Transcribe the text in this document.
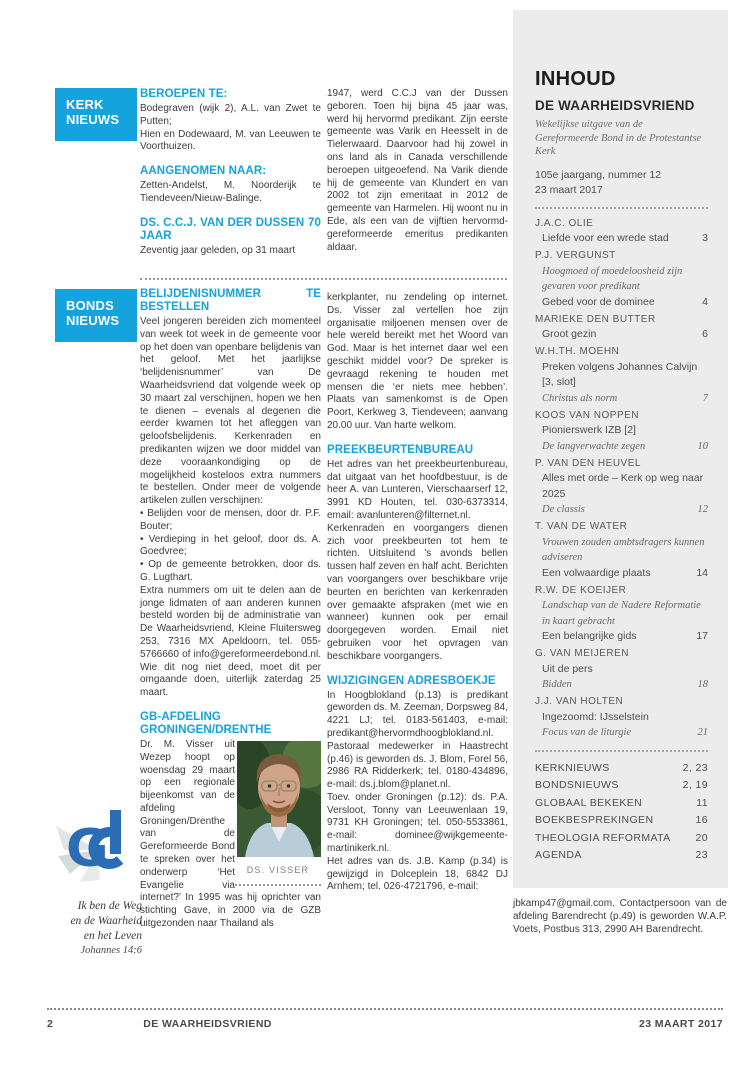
KERK
NIEUWS
BONDS
NIEUWS
BEROEPEN TE:
Bodegraven (wijk 2), A.L. van Zwet te Putten;
Hien en Dodewaard, M. van Leeuwen te Voorthuizen.
AANGENOMEN NAAR:

Zetten-Andelst, M. Noorderijk te Tiendeveen/Nieuw-Balinge.

DS. C.C.J. VAN DER DUSSEN 70 JAAR

Zeventig jaar geleden, op 31 maart

1947, werd C.C.J van der Dussen geboren. Toen hij bijna 45 jaar was, werd hij hervormd predikant. Zijn eerste gemeente was Varik en Heesselt in de Tielerwaard. Daarvoor had hij zowel in ons land als in Canada verschillende beroepen uitgeoefend. Na Varik diende hij de gemeente van Klundert en van 2002 tot zijn emeritaat in 2012 de gemeente van Harmelen. Hij woont nu in Ede, als een van de vijftien hervormd-gereformeerde emeritus predikanten aldaar.

BELIJDENISNUMMER TE BESTELLEN

Veel jongeren bereiden zich momenteel van week tot week in de gemeente voor op het doen van openbare belijdenis van het geloof. Met het jaarlijkse ‘belijdenisnummer’ van De Waarheidsvriend dat volgende week op 30 maart zal verschijnen, hopen we hen te dienen – evenals al degenen die eerder kwamen tot het afleggen van geloofsbelijdenis. Kerkenraden en predikanten wijzen we door middel van deze vooraankondiging op de mogelijkheid kosteloos extra nummers te bestellen. Onder meer de volgende artikelen zullen verschijnen:

• Belijden voor de mensen, door dr. P.F. Bouter;
• Verdieping in het geloof, door ds. A. Goedvree;
• Op de gemeente betrokken, door ds. G. Lugthart.

Extra nummers om uit te delen aan de jonge lidmaten of aan anderen kunnen besteld worden bij de administratie van De Waarheidsvriend, Kleine Fluitersweg 253, 7316 MX Apeldoorn, tel. 055-5766660 of info@gereformeerdebond.nl. Wie dit nog niet deed, moet dit per omgaande doen, uiterlijk zaterdag 25 maart.

GB-AFDELING GRONINGEN/DRENTHE
DS. VISSER

Dr. M. Visser uit Wezep hoopt op woensdag 29 maart op een regionale bijeenkomst van de afdeling Groningen/Drenthe van de Gereformeerde Bond te spreken over het onderwerp ‘Het Evangelie via internet?’ In 1995 was hij oprichter van stichting Gave, in 2000 via de GZB uitgezonden naar Thailand als

kerkplanter, nu zendeling op internet. Ds. Visser zal vertellen hoe zijn organisatie miljoenen mensen over de hele wereld bereikt met het Woord van God. Maar is het internet daar wel een geschikt middel voor? De spreker is gevraagd rekening te houden met mensen die ‘er niets mee hebben’. Plaats van samenkomst is de Open Poort, Kerkweg 3, Tiendeveen; aanvang 20.00 uur. Van harte welkom.

PREEKBEURTENBUREAU

Het adres van het preekbeurtenbureau, dat uitgaat van het hoofdbestuur, is de heer A. van Lunteren, Vierschaarserf 12, 3991 KD Houten, tel. 030-6373314, email: avanlunteren@filternet.nl.

Kerkenraden en voorgangers dienen zich voor preekbeurten tot hem te richten. Uitsluitend ’s avonds bellen tussen half zeven en half acht. Berichten van voorgangers over beschikbare vrije beurten en berichten van kerkenraden over gemaakte afspraken (met wie en wanneer) kunnen ook per email doorgegeven worden. Email niet gebruiken voor het opvragen van beschikbare voorgangers.

WIJZIGINGEN ADRESBOEKJE

In Hoogblokland (p.13) is predikant geworden ds. M. Zeeman, Dorpsweg 84, 4221 LJ; tel. 0183-561403, e-mail: predikant@hervormdhoogblokland.nl.

Pastoraal medewerker in Haastrecht (p.46) is geworden ds. J. Blom, Forel 56, 2986 RA Ridderkerk; tel. 0180-434896, e-mail: ds.j.blom@planet.nl.

Toev. onder Groningen (p.12): ds. P.A. Versloot, Tonny van Leeuwenlaan 19, 9731 KH Groningen; tel. 050-5533861, e-mail: dominee@wijkgemeente-martinikerk.nl.

Het adres van ds. J.B. Kamp (p.34) is gewijzigd in Dolceplein 18, 6842 DJ Arnhem; tel. 026-4721796, e-mail:

INHOUD
DE WAARHEIDSVRIEND
Wekelijkse uitgave van de Gereformeerde Bond in de Protestantse Kerk
105e jaargang, nummer 12
23 maart 2017
J.A.C. OLIE
Liefde voor een wrede stad	3
P.J. VERGUNST
Hoogmoed of moedeloosheid zijn gevaren voor predikant
Gebed voor de dominee	4
MARIEKE DEN BUTTER
Groot gezin	6
W.H.TH. MOEHN
Preken volgens Johannes Calvijn [3, slot]
Christus als norm	7
KOOS VAN NOPPEN
Pionierswerk IZB [2]
De langverwachte zegen	10
P. VAN DEN HEUVEL
Alles met orde – Kerk op weg naar 2025
De classis	12
T. VAN DE WATER
Vrouwen zouden ambtsdragers kunnen adviseren
Een volwaardige plaats	14
R.W. DE KOEIJER
Landschap van de Nadere Reformatie in kaart gebracht
Een belangrijke gids	17
G. VAN MEIJEREN
Uit de pers
Bidden	18
J.J. VAN HOLTEN
Ingezoomd: IJsselstein
Focus van de liturgie	21
KERKNIEUWS	2, 23
BONDSNIEUWS	2, 19
GLOBAAL BEKEKEN	11
BOEKBESPREKINGEN	16
THEOLOGIA REFORMATA	20
AGENDA	23

jbkamp47@gmail.com. Contactpersoon van de afdeling Barendrecht (p.49) is geworden W.A.P. Voets, Postbus 313, 2990 AH Barendrecht.

G
Ik ben de Weg
en de Waarheid
en het Leven
Johannes 14:6
2	DE WAARHEIDSVRIEND	23 MAART 2017
